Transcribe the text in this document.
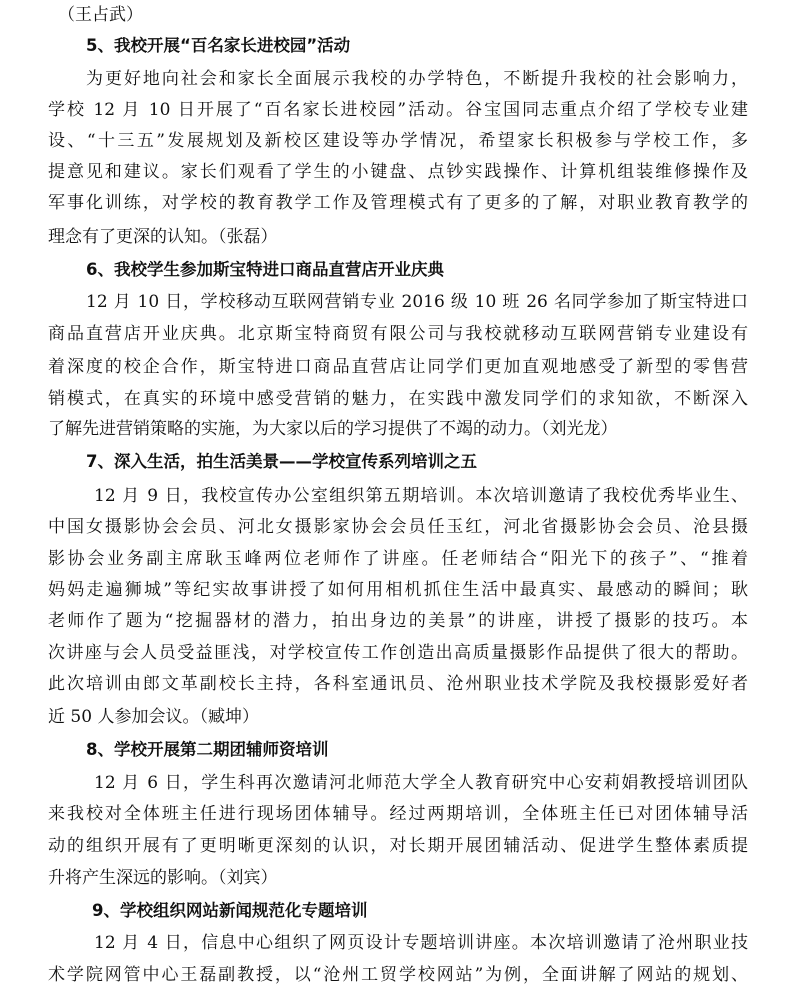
（王占武）
5、我校开展“百名家长进校园”活动
为更好地向社会和家长全面展示我校的办学特色，不断提升我校的社会影响力，
学校 12 月 10 日开展了“百名家长进校园”活动。谷宝国同志重点介绍了学校专业建
设、“十三五”发展规划及新校区建设等办学情况，希望家长积极参与学校工作，多
提意见和建议。家长们观看了学生的小键盘、点钞实践操作、计算机组装维修操作及
军事化训练，对学校的教育教学工作及管理模式有了更多的了解，对职业教育教学的
理念有了更深的认知。（张磊）
6、我校学生参加斯宝特进口商品直营店开业庆典
12 月 10 日，学校移动互联网营销专业 2016 级 10 班 26 名同学参加了斯宝特进口
商品直营店开业庆典。北京斯宝特商贸有限公司与我校就移动互联网营销专业建设有
着深度的校企合作，斯宝特进口商品直营店让同学们更加直观地感受了新型的零售营
销模式，在真实的环境中感受营销的魅力，在实践中激发同学们的求知欲，不断深入
了解先进营销策略的实施，为大家以后的学习提供了不竭的动力。（刘光龙）
7、深入生活，拍生活美景——学校宣传系列培训之五
12 月 9 日，我校宣传办公室组织第五期培训。本次培训邀请了我校优秀毕业生、
中国女摄影协会会员、河北女摄影家协会会员任玉红，河北省摄影协会会员、沧县摄
影协会业务副主席耿玉峰两位老师作了讲座。任老师结合“阳光下的孩子”、“推着
妈妈走遍狮城”等纪实故事讲授了如何用相机抓住生活中最真实、最感动的瞬间；耿
老师作了题为“挖掘器材的潜力，拍出身边的美景”的讲座，讲授了摄影的技巧。本
次讲座与会人员受益匪浅，对学校宣传工作创造出高质量摄影作品提供了很大的帮助。
此次培训由郎文革副校长主持，各科室通讯员、沧州职业技术学院及我校摄影爱好者
近 50 人参加会议。（臧坤）
8、学校开展第二期团辅师资培训
12 月 6 日，学生科再次邀请河北师范大学全人教育研究中心安莉娟教授培训团队
来我校对全体班主任进行现场团体辅导。经过两期培训，全体班主任已对团体辅导活
动的组织开展有了更明晰更深刻的认识，对长期开展团辅活动、促进学生整体素质提
升将产生深远的影响。（刘宾）
9、学校组织网站新闻规范化专题培训
12 月 4 日，信息中心组织了网页设计专题培训讲座。本次培训邀请了沧州职业技
术学院网管中心王磊副教授，以“沧州工贸学校网站”为例，全面讲解了网站的规划、
